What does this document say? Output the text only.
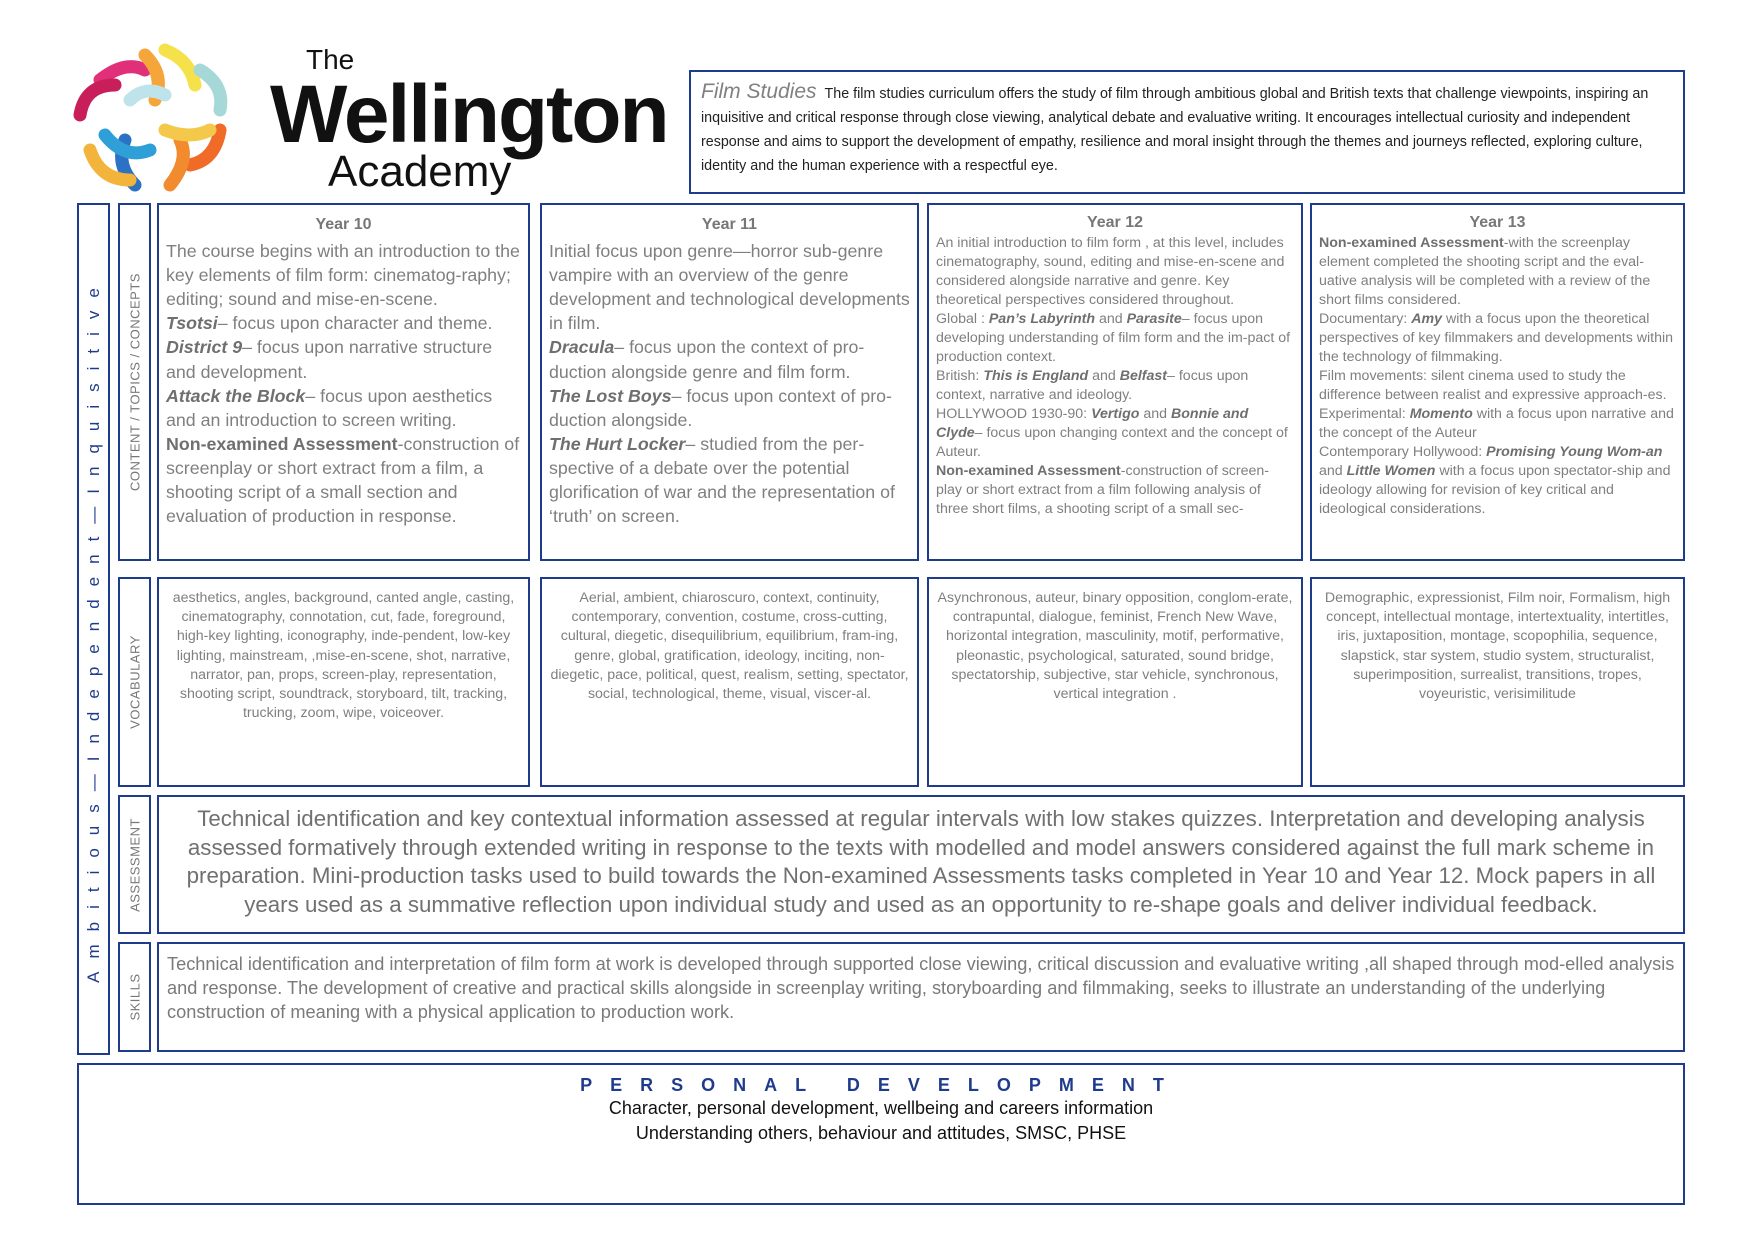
The
Wellington
Academy
Film Studies The film studies curriculum offers the study of film through ambitious global and British texts that challenge viewpoints, inspiring an inquisitive and critical response through close viewing, analytical debate and evaluative writing. It encourages intellectual curiosity and independent response and aims to support the development of empathy, resilience and moral insight through the themes and journeys reflected, exploring culture, identity and the human experience with a respectful eye.
Ambitious—Independent—Inquisitive CONTENT / TOPICS / CONCEPTS
VOCABULARY
ASSESSMENT
SKILLS
Year 10

The course begins with an introduction to the key elements of film form: cinematog-raphy; editing; sound and mise-en-scene.

Tsotsi– focus upon character and theme.

District 9– focus upon narrative structure and development.

Attack the Block– focus upon aesthetics and an introduction to screen writing.

Non-examined Assessment-construction of screenplay or short extract from a film, a shooting script of a small section and evaluation of production in response.

Year 11

Initial focus upon genre—horror sub-genre vampire with an overview of the genre development and technological developments in film.

Dracula– focus upon the context of pro-duction alongside genre and film form.

The Lost Boys– focus upon context of pro-duction alongside.

The Hurt Locker– studied from the per-spective of a debate over the potential glorification of war and the representation of ‘truth’ on screen.

Year 12

An initial introduction to film form , at this level, includes cinematography, sound, editing and mise-en-scene and considered alongside narrative and genre. Key theoretical perspectives considered throughout.

Global : Pan’s Labyrinth and Parasite– focus upon developing understanding of film form and the im-pact of production context.

British: This is England and Belfast– focus upon context, narrative and ideology.

HOLLYWOOD 1930-90: Vertigo and Bonnie and Clyde– focus upon changing context and the concept of Auteur.

Non-examined Assessment-construction of screen-play or short extract from a film following analysis of three short films, a shooting script of a small sec-

Year 13

Non-examined Assessment-with the screenplay element completed the shooting script and the eval-uative analysis will be completed with a review of the short films considered.

Documentary: Amy with a focus upon the theoretical perspectives of key filmmakers and developments within the technology of filmmaking.

Film movements: silent cinema used to study the difference between realist and expressive approach-es.

Experimental: Momento with a focus upon narrative and the concept of the Auteur

Contemporary Hollywood: Promising Young Wom-an and Little Women with a focus upon spectator-ship and ideology allowing for revision of key critical and ideological considerations.

aesthetics, angles, background, canted angle, casting, cinematography, connotation, cut, fade, foreground, high-key lighting, iconography, inde-pendent, low-key lighting, mainstream, ,mise-en-scene, shot, narrative, narrator, pan, props, screen-play, representation, shooting script, soundtrack, storyboard, tilt, tracking, trucking, zoom, wipe, voiceover.
Aerial, ambient, chiaroscuro, context, continuity, contemporary, convention, costume, cross-cutting, cultural, diegetic, disequilibrium, equilibrium, fram-ing, genre, global, gratification, ideology, inciting, non-diegetic, pace, political, quest, realism, setting, spectator, social, technological, theme, visual, viscer-al.
Asynchronous, auteur, binary opposition, conglom-erate, contrapuntal, dialogue, feminist, French New Wave, horizontal integration, masculinity, motif, performative, pleonastic, psychological, saturated, sound bridge, spectatorship, subjective, star vehicle, synchronous, vertical integration .
Demographic, expressionist, Film noir, Formalism, high concept, intellectual montage, intertextuality, intertitles, iris, juxtaposition, montage, scopophilia, sequence, slapstick, star system, studio system, structuralist, superimposition, surrealist, transitions, tropes, voyeuristic, verisimilitude
Technical identification and key contextual information assessed at regular intervals with low stakes quizzes. Interpretation and developing analysis assessed formatively through extended writing in response to the texts with modelled and model answers considered against the full mark scheme in preparation. Mini-production tasks used to build towards the Non-examined Assessments tasks completed in Year 10 and Year 12. Mock papers in all years used as a summative reflection upon individual study and used as an opportunity to re-shape goals and deliver individual feedback.
Technical identification and interpretation of film form at work is developed through supported close viewing, critical discussion and evaluative writing ,all shaped through mod-elled analysis and response. The development of creative and practical skills alongside in screenplay writing, storyboarding and filmmaking, seeks to illustrate an understanding of the underlying construction of meaning with a physical application to production work.
PERSONAL DEVELOPMENT
Character, personal development, wellbeing and careers information
Understanding others, behaviour and attitudes, SMSC, PHSE
